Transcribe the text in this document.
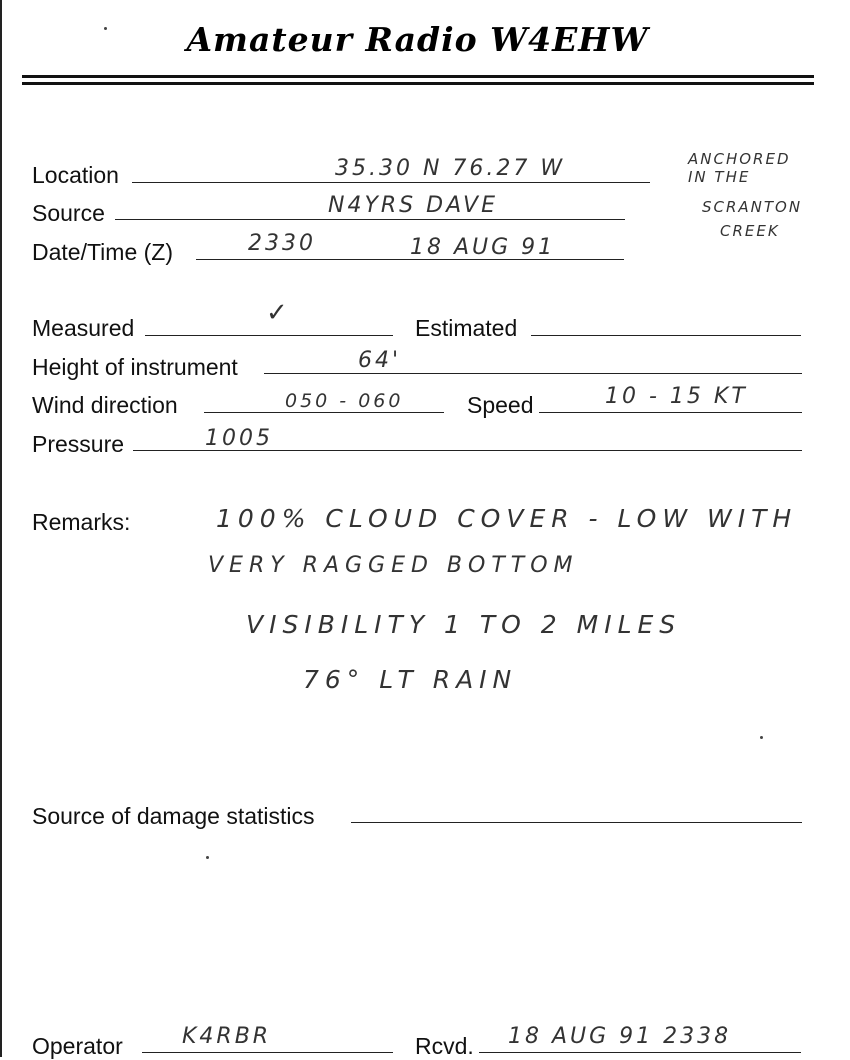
Amateur Radio W4EHW
Location	35.30 N 76.27 W
Source	N4YRS DAVE
Date/Time (Z)	2330	18 AUG 91
ANCHORED
IN THE
SCRANTON
CREEK
Measured	✓	Estimated
Height of instrument	64'
Wind direction	050 - 060	Speed	10 - 15 KT
Pressure	1005
Remarks:	100% CLOUD COVER - LOW WITH
VERY RAGGED BOTTOM
VISIBILITY 1 TO 2 MILES
76° LT RAIN
Source of damage statistics
Operator	K4RBR	Rcvd. 18 AUG 91 2338
